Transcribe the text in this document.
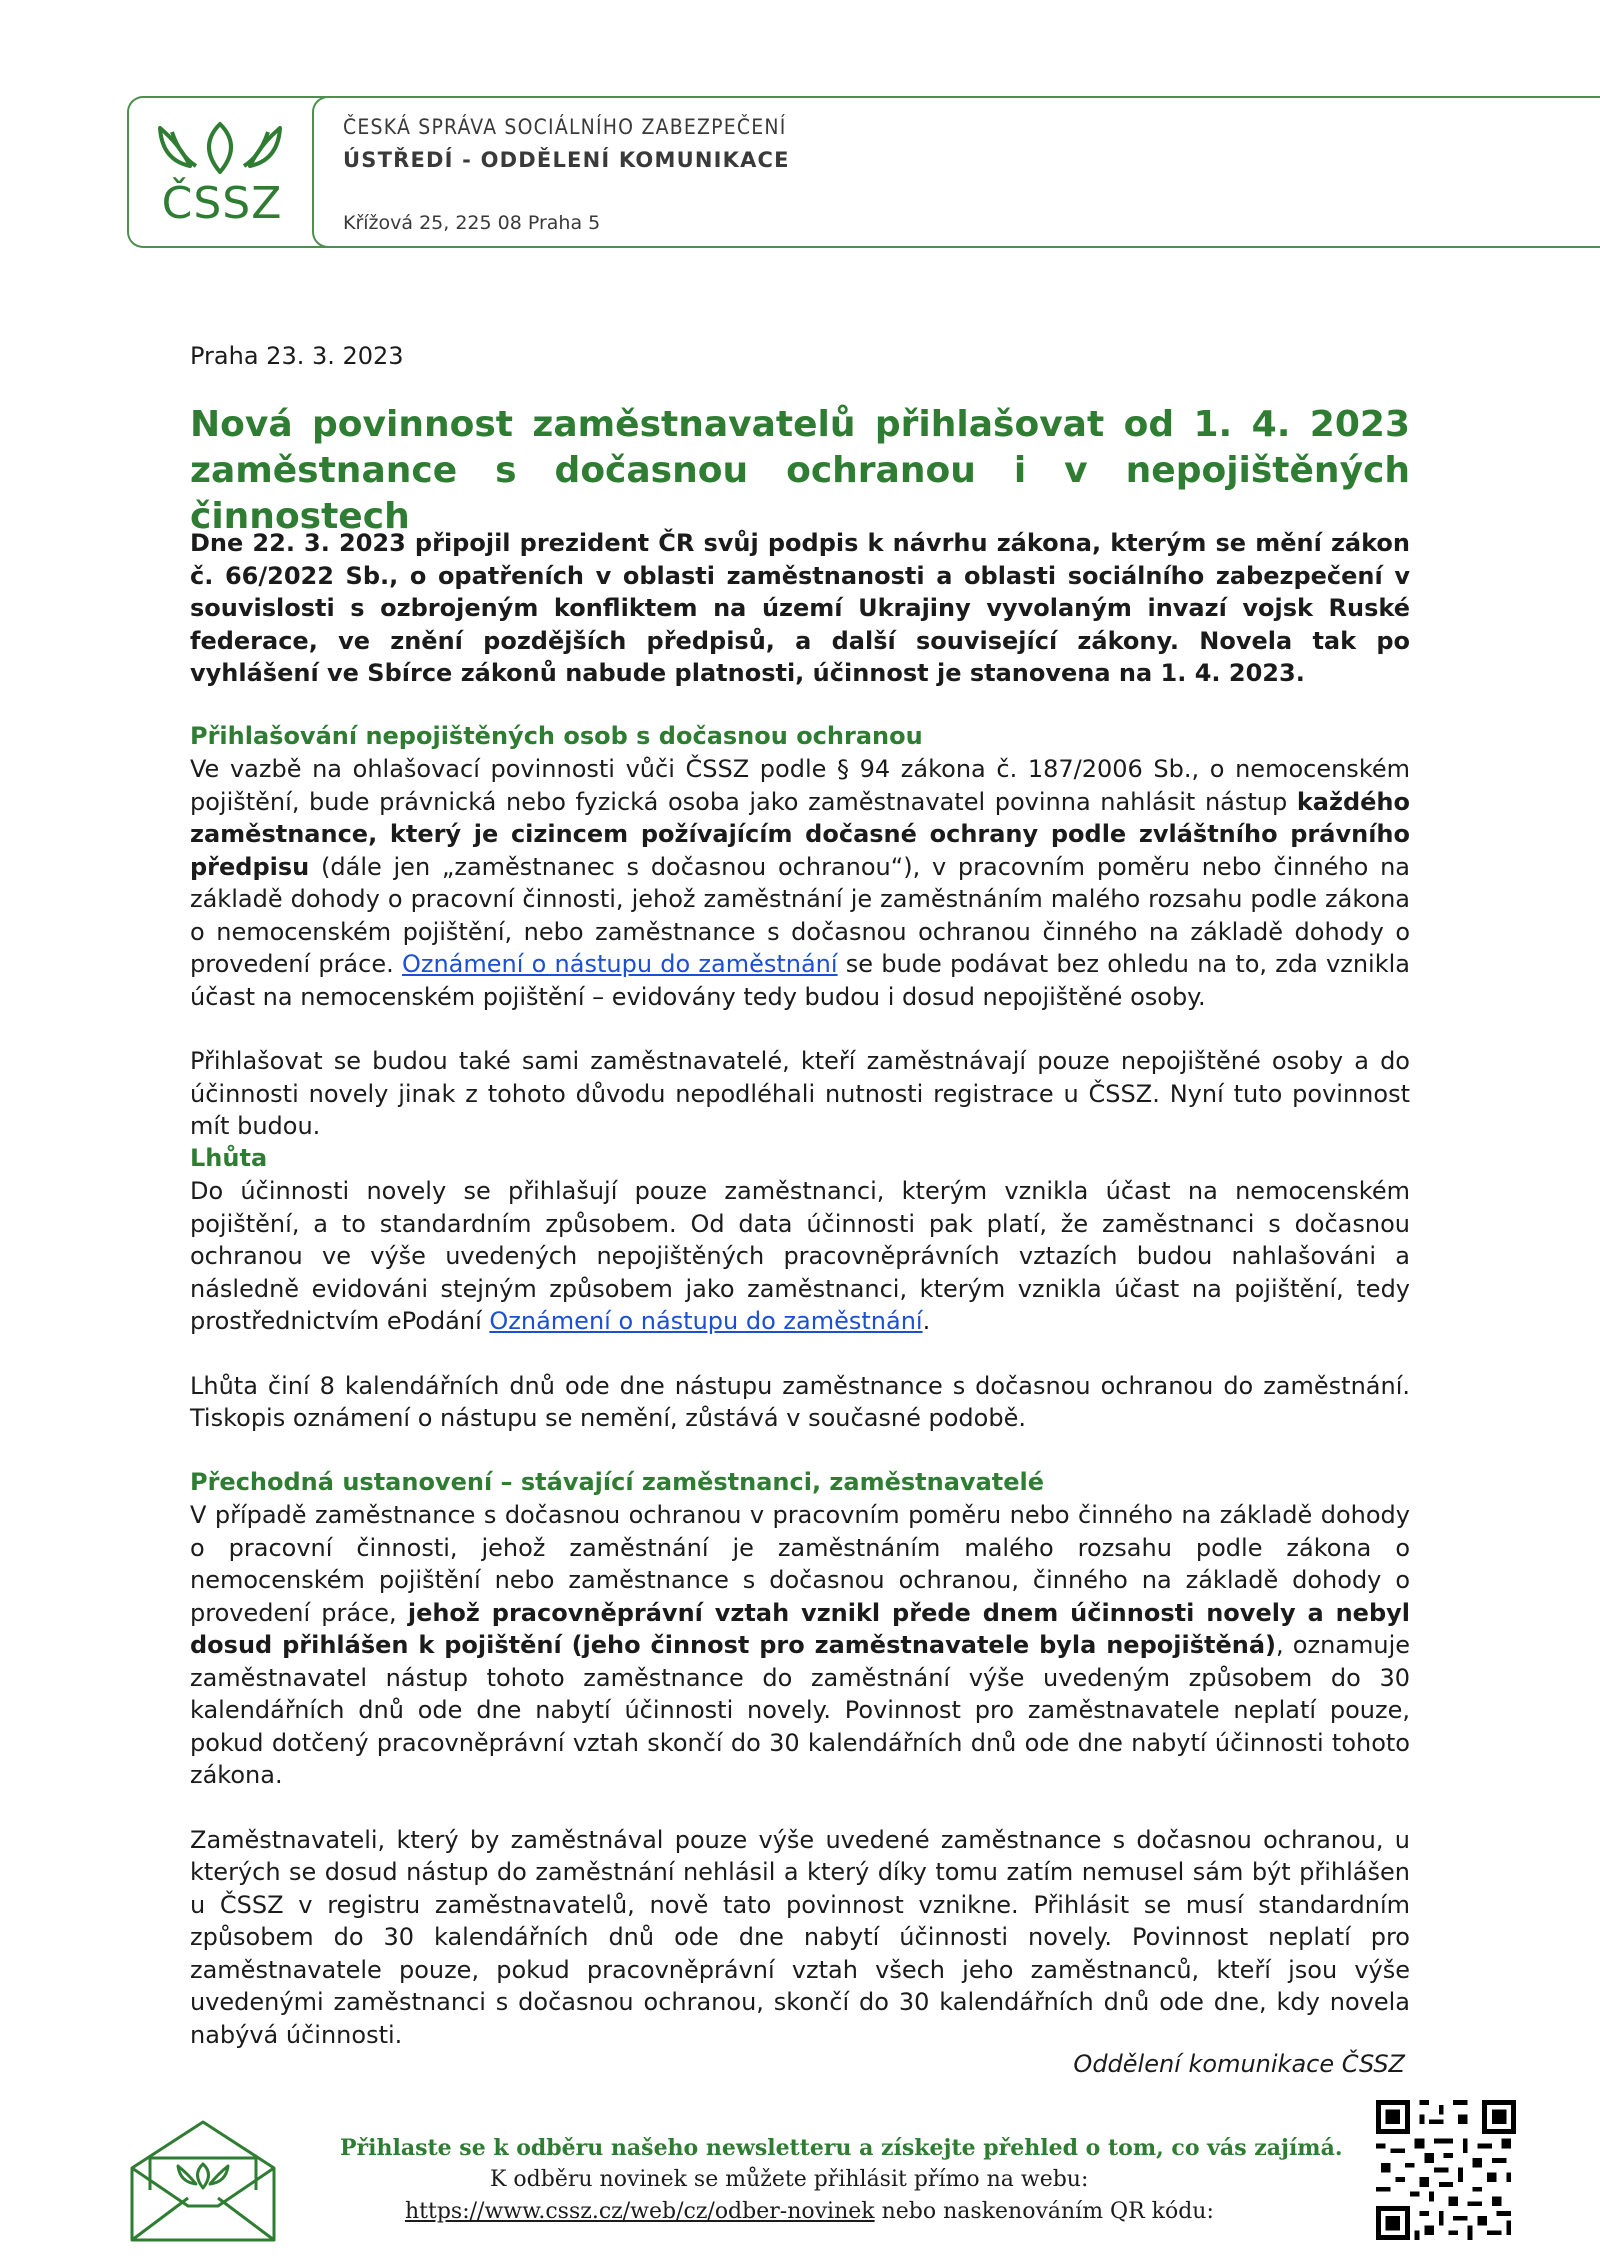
ČSSZ
ČESKÁ SPRÁVA SOCIÁLNÍHO ZABEZPEČENÍ
ÚSTŘEDÍ - ODDĚLENÍ KOMUNIKACE
Křížová 25, 225 08 Praha 5
Praha 23. 3. 2023
Nová povinnost zaměstnavatelů přihlašovat od 1. 4. 2023 zaměstnance s dočasnou ochranou i v nepojištěných činnostech
Dne 22. 3. 2023 připojil prezident ČR svůj podpis k návrhu zákona, kterým se mění zákon č. 66/2022 Sb., o opatřeních v oblasti zaměstnanosti a oblasti sociálního zabezpečení v souvislosti s ozbrojeným konfliktem na území Ukrajiny vyvolaným invazí vojsk Ruské federace, ve znění pozdějších předpisů, a další související zákony. Novela tak po vyhlášení ve Sbírce zákonů nabude platnosti, účinnost je stanovena na 1. 4. 2023.

Přihlašování nepojištěných osob s dočasnou ochranou

Ve vazbě na ohlašovací povinnosti vůči ČSSZ podle § 94 zákona č. 187/2006 Sb., o nemocenském pojištění, bude právnická nebo fyzická osoba jako zaměstnavatel povinna nahlásit nástup každého zaměstnance, který je cizincem požívajícím dočasné ochrany podle zvláštního právního předpisu (dále jen „zaměstnanec s dočasnou ochranou“), v pracovním poměru nebo činného na základě dohody o pracovní činnosti, jehož zaměstnání je zaměstnáním malého rozsahu podle zákona o nemocenském pojištění, nebo zaměstnance s dočasnou ochranou činného na základě dohody o provedení práce. Oznámení o nástupu do zaměstnání se bude podávat bez ohledu na to, zda vznikla účast na nemocenském pojištění – evidovány tedy budou i dosud nepojištěné osoby.

Přihlašovat se budou také sami zaměstnavatelé, kteří zaměstnávají pouze nepojištěné osoby a do účinnosti novely jinak z tohoto důvodu nepodléhali nutnosti registrace u ČSSZ. Nyní tuto povinnost mít budou.

Lhůta

Do účinnosti novely se přihlašují pouze zaměstnanci, kterým vznikla účast na nemocenském pojištění, a to standardním způsobem. Od data účinnosti pak platí, že zaměstnanci s dočasnou ochranou ve výše uvedených nepojištěných pracovněprávních vztazích budou nahlašováni a následně evidováni stejným způsobem jako zaměstnanci, kterým vznikla účast na pojištění, tedy prostřednictvím ePodání Oznámení o nástupu do zaměstnání.

Lhůta činí 8 kalendářních dnů ode dne nástupu zaměstnance s dočasnou ochranou do zaměstnání. Tiskopis oznámení o nástupu se nemění, zůstává v současné podobě.

Přechodná ustanovení – stávající zaměstnanci, zaměstnavatelé

V případě zaměstnance s dočasnou ochranou v pracovním poměru nebo činného na základě dohody o pracovní činnosti, jehož zaměstnání je zaměstnáním malého rozsahu podle zákona o nemocenském pojištění nebo zaměstnance s dočasnou ochranou, činného na základě dohody o provedení práce, jehož pracovněprávní vztah vznikl přede dnem účinnosti novely a nebyl dosud přihlášen k pojištění (jeho činnost pro zaměstnavatele byla nepojištěná), oznamuje zaměstnavatel nástup tohoto zaměstnance do zaměstnání výše uvedeným způsobem do 30 kalendářních dnů ode dne nabytí účinnosti novely. Povinnost pro zaměstnavatele neplatí pouze, pokud dotčený pracovněprávní vztah skončí do 30 kalendářních dnů ode dne nabytí účinnosti tohoto zákona.

Zaměstnavateli, který by zaměstnával pouze výše uvedené zaměstnance s dočasnou ochranou, u kterých se dosud nástup do zaměstnání nehlásil a který díky tomu zatím nemusel sám být přihlášen u ČSSZ v registru zaměstnavatelů, nově tato povinnost vznikne. Přihlásit se musí standardním způsobem do 30 kalendářních dnů ode dne nabytí účinnosti novely. Povinnost neplatí pro zaměstnavatele pouze, pokud pracovněprávní vztah všech jeho zaměstnanců, kteří jsou výše uvedenými zaměstnanci s dočasnou ochranou, skončí do 30 kalendářních dnů ode dne, kdy novela nabývá účinnosti.

Oddělení komunikace ČSSZ
Přihlaste se k odběru našeho newsletteru a získejte přehled o tom, co vás zajímá.
K odběru novinek se můžete přihlásit přímo na webu:
https://www.cssz.cz/web/cz/odber-novinek nebo naskenováním QR kódu:
